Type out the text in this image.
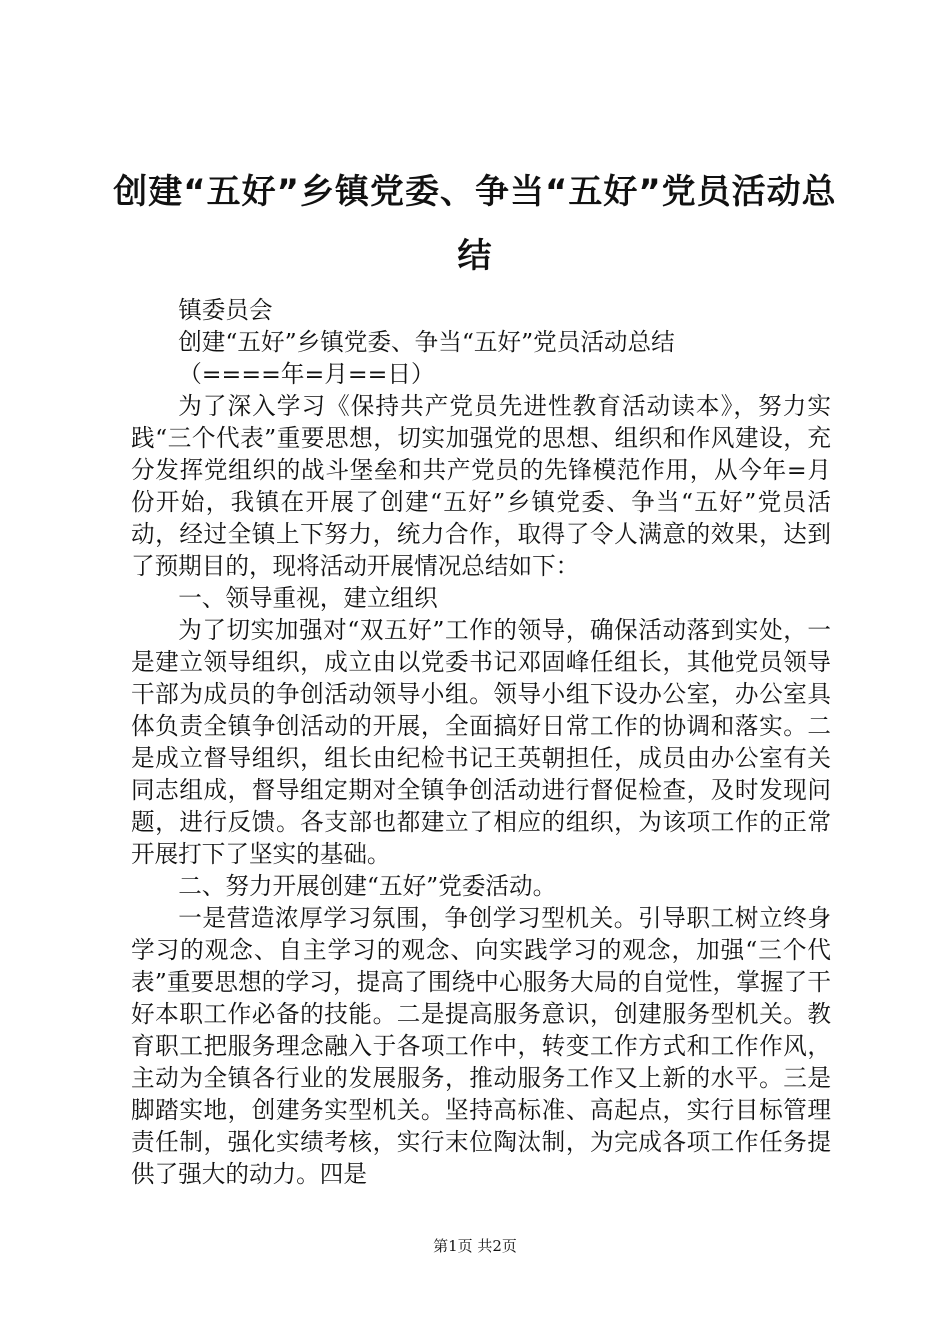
创建“五好”乡镇党委、争当“五好”党员活动总结

镇委员会

创建“五好”乡镇党委、争当“五好”党员活动总结

（====年=月==日）

为了深入学习《保持共产党员先进性教育活动读本》，努力实践“三个代表”重要思想，切实加强党的思想、组织和作风建设，充分发挥党组织的战斗堡垒和共产党员的先锋模范作用，从今年=月份开始，我镇在开展了创建“五好”乡镇党委、争当“五好”党员活动，经过全镇上下努力，统力合作，取得了令人满意的效果，达到了预期目的，现将活动开展情况总结如下：

一、领导重视，建立组织

为了切实加强对“双五好”工作的领导，确保活动落到实处，一是建立领导组织，成立由以党委书记邓固峰任组长，其他党员领导干部为成员的争创活动领导小组。领导小组下设办公室，办公室具体负责全镇争创活动的开展，全面搞好日常工作的协调和落实。二是成立督导组织，组长由纪检书记王英朝担任，成员由办公室有关同志组成，督导组定期对全镇争创活动进行督促检查，及时发现问题，进行反馈。各支部也都建立了相应的组织，为该项工作的正常开展打下了坚实的基础。

二、努力开展创建“五好”党委活动。

一是营造浓厚学习氛围，争创学习型机关。引导职工树立终身学习的观念、自主学习的观念、向实践学习的观念，加强“三个代表”重要思想的学习，提高了围绕中心服务大局的自觉性，掌握了干好本职工作必备的技能。二是提高服务意识，创建服务型机关。教育职工把服务理念融入于各项工作中，转变工作方式和工作作风，主动为全镇各行业的发展服务，推动服务工作又上新的水平。三是脚踏实地，创建务实型机关。坚持高标准、高起点，实行目标管理责任制，强化实绩考核，实行末位陶汰制，为完成各项工作任务提供了强大的动力。四是

第1页 共2页
